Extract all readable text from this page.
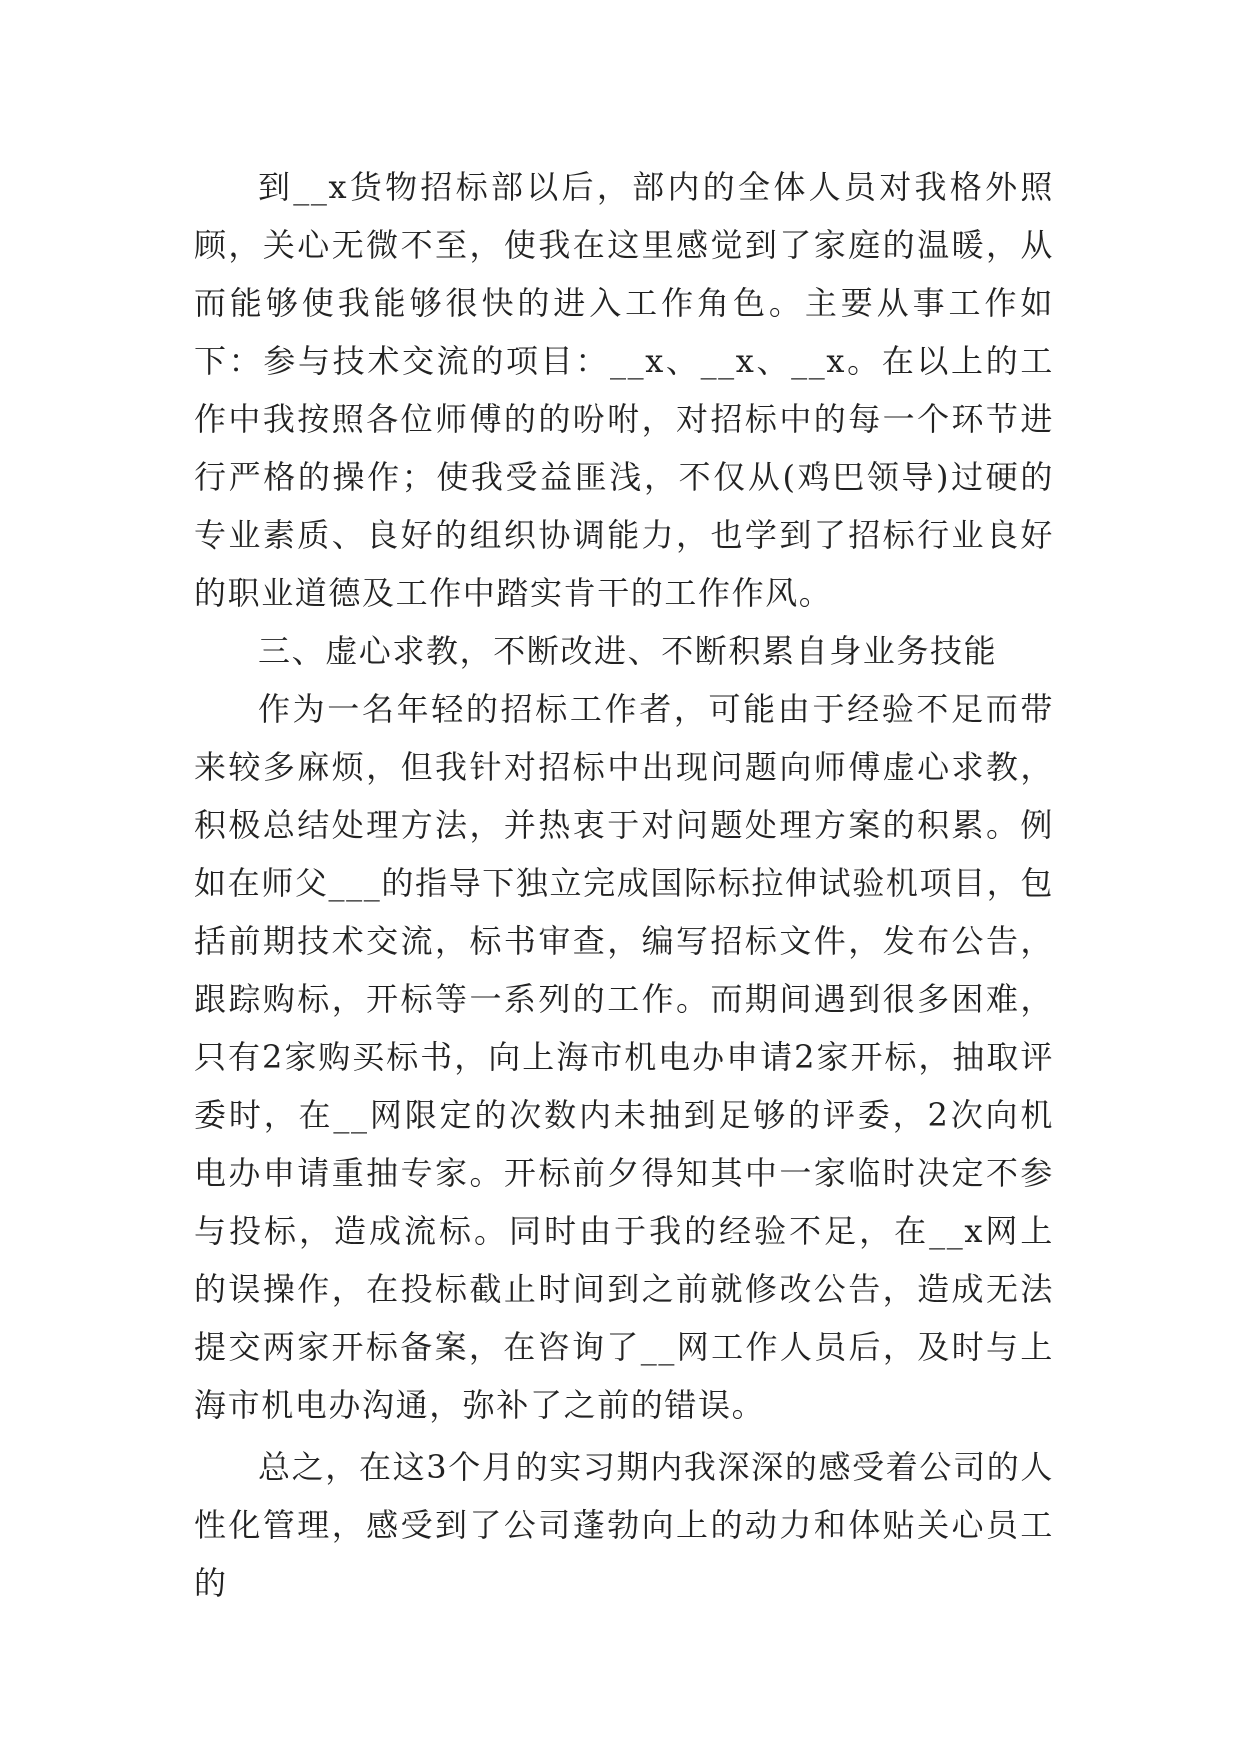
到__x货物招标部以后，部内的全体人员对我格外照顾，关心无微不至，使我在这里感觉到了家庭的温暖，从而能够使我能够很快的进入工作角色。主要从事工作如下：参与技术交流的项目：__x、__x、__x。在以上的工作中我按照各位师傅的的吩咐，对招标中的每一个环节进行严格的操作；使我受益匪浅，不仅从(鸡巴领导)过硬的专业素质、良好的组织协调能力，也学到了招标行业良好的职业道德及工作中踏实肯干的工作作风。

三、虚心求教，不断改进、不断积累自身业务技能

作为一名年轻的招标工作者，可能由于经验不足而带来较多麻烦，但我针对招标中出现问题向师傅虚心求教，积极总结处理方法，并热衷于对问题处理方案的积累。例如在师父___的指导下独立完成国际标拉伸试验机项目，包括前期技术交流，标书审查，编写招标文件，发布公告，跟踪购标，开标等一系列的工作。而期间遇到很多困难，只有2家购买标书，向上海市机电办申请2家开标，抽取评委时，在__网限定的次数内未抽到足够的评委，2次向机电办申请重抽专家。开标前夕得知其中一家临时决定不参与投标，造成流标。同时由于我的经验不足，在__x网上的误操作，在投标截止时间到之前就修改公告，造成无法提交两家开标备案，在咨询了__网工作人员后，及时与上海市机电办沟通，弥补了之前的错误。

总之，在这3个月的实习期内我深深的感受着公司的人性化管理，感受到了公司蓬勃向上的动力和体贴关心员工的
